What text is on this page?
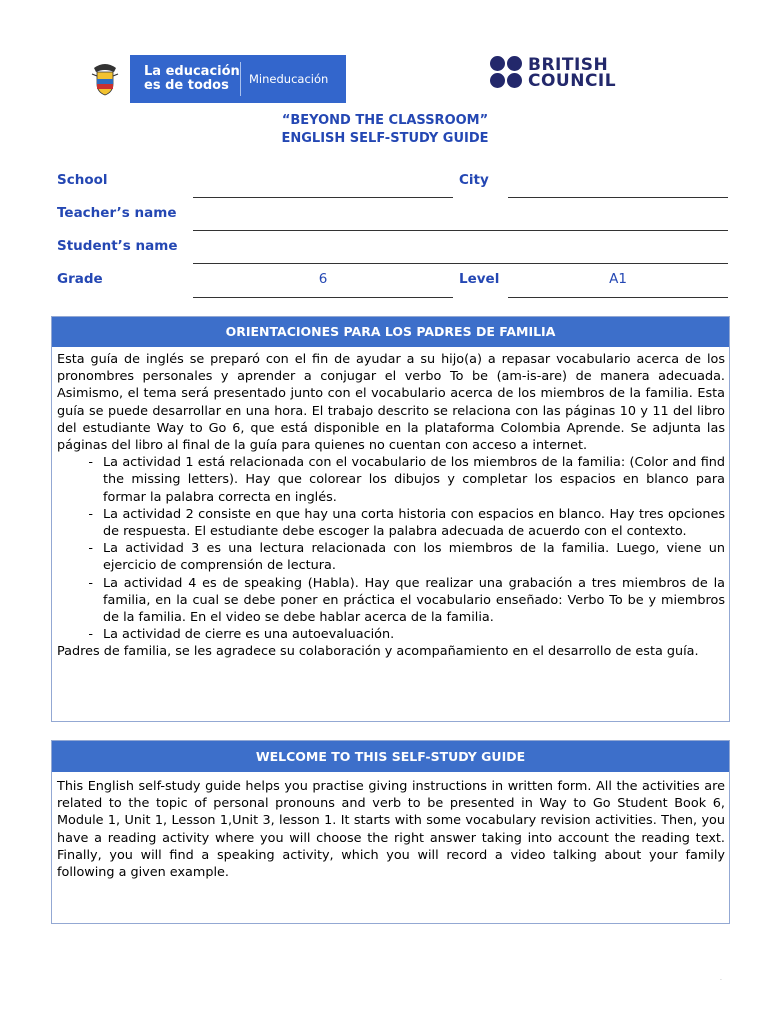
La educación
es de todos	Mineducación
BRITISH
COUNCIL
“BEYOND THE CLASSROOM”
ENGLISH SELF-STUDY GUIDE
School	City
Teacher’s name
Student’s name
Grade	6	Level	A1
ORIENTACIONES PARA LOS PADRES DE FAMILIA
Esta guía de inglés se preparó con el fin de ayudar a su hijo(a) a repasar vocabulario acerca de los pronombres personales y aprender a conjugar el verbo To be (am-is-are) de manera adecuada. Asimismo, el tema será presentado junto con el vocabulario acerca de los miembros de la familia. Esta guía se puede desarrollar en una hora. El trabajo descrito se relaciona con las páginas 10 y 11 del libro del estudiante Way to Go 6, que está disponible en la plataforma Colombia Aprende. Se adjunta las páginas del libro al final de la guía para quienes no cuentan con acceso a internet.
- La actividad 1 está relacionada con el vocabulario de los miembros de la familia: (Color and find the missing letters). Hay que colorear los dibujos y completar los espacios en blanco para formar la palabra correcta en inglés.
- La actividad 2 consiste en que hay una corta historia con espacios en blanco. Hay tres opciones de respuesta. El estudiante debe escoger la palabra adecuada de acuerdo con el contexto.
- La actividad 3 es una lectura relacionada con los miembros de la familia. Luego, viene un ejercicio de comprensión de lectura.
- La actividad 4 es de speaking (Habla). Hay que realizar una grabación a tres miembros de la familia, en la cual se debe poner en práctica el vocabulario enseñado: Verbo To be y miembros de la familia. En el video se debe hablar acerca de la familia.
- La actividad de cierre es una autoevaluación.
Padres de familia, se les agradece su colaboración y acompañamiento en el desarrollo de esta guía.
WELCOME TO THIS SELF-STUDY GUIDE
This English self-study guide helps you practise giving instructions in written form. All the activities are related to the topic of personal pronouns and verb to be presented in Way to Go Student Book 6, Module 1, Unit 1, Lesson 1,Unit 3, lesson 1. It starts with some vocabulary revision activities. Then, you have a reading activity where you will choose the right answer taking into account the reading text. Finally, you will find a speaking activity, which you will record a video talking about your family following a given example.
.
